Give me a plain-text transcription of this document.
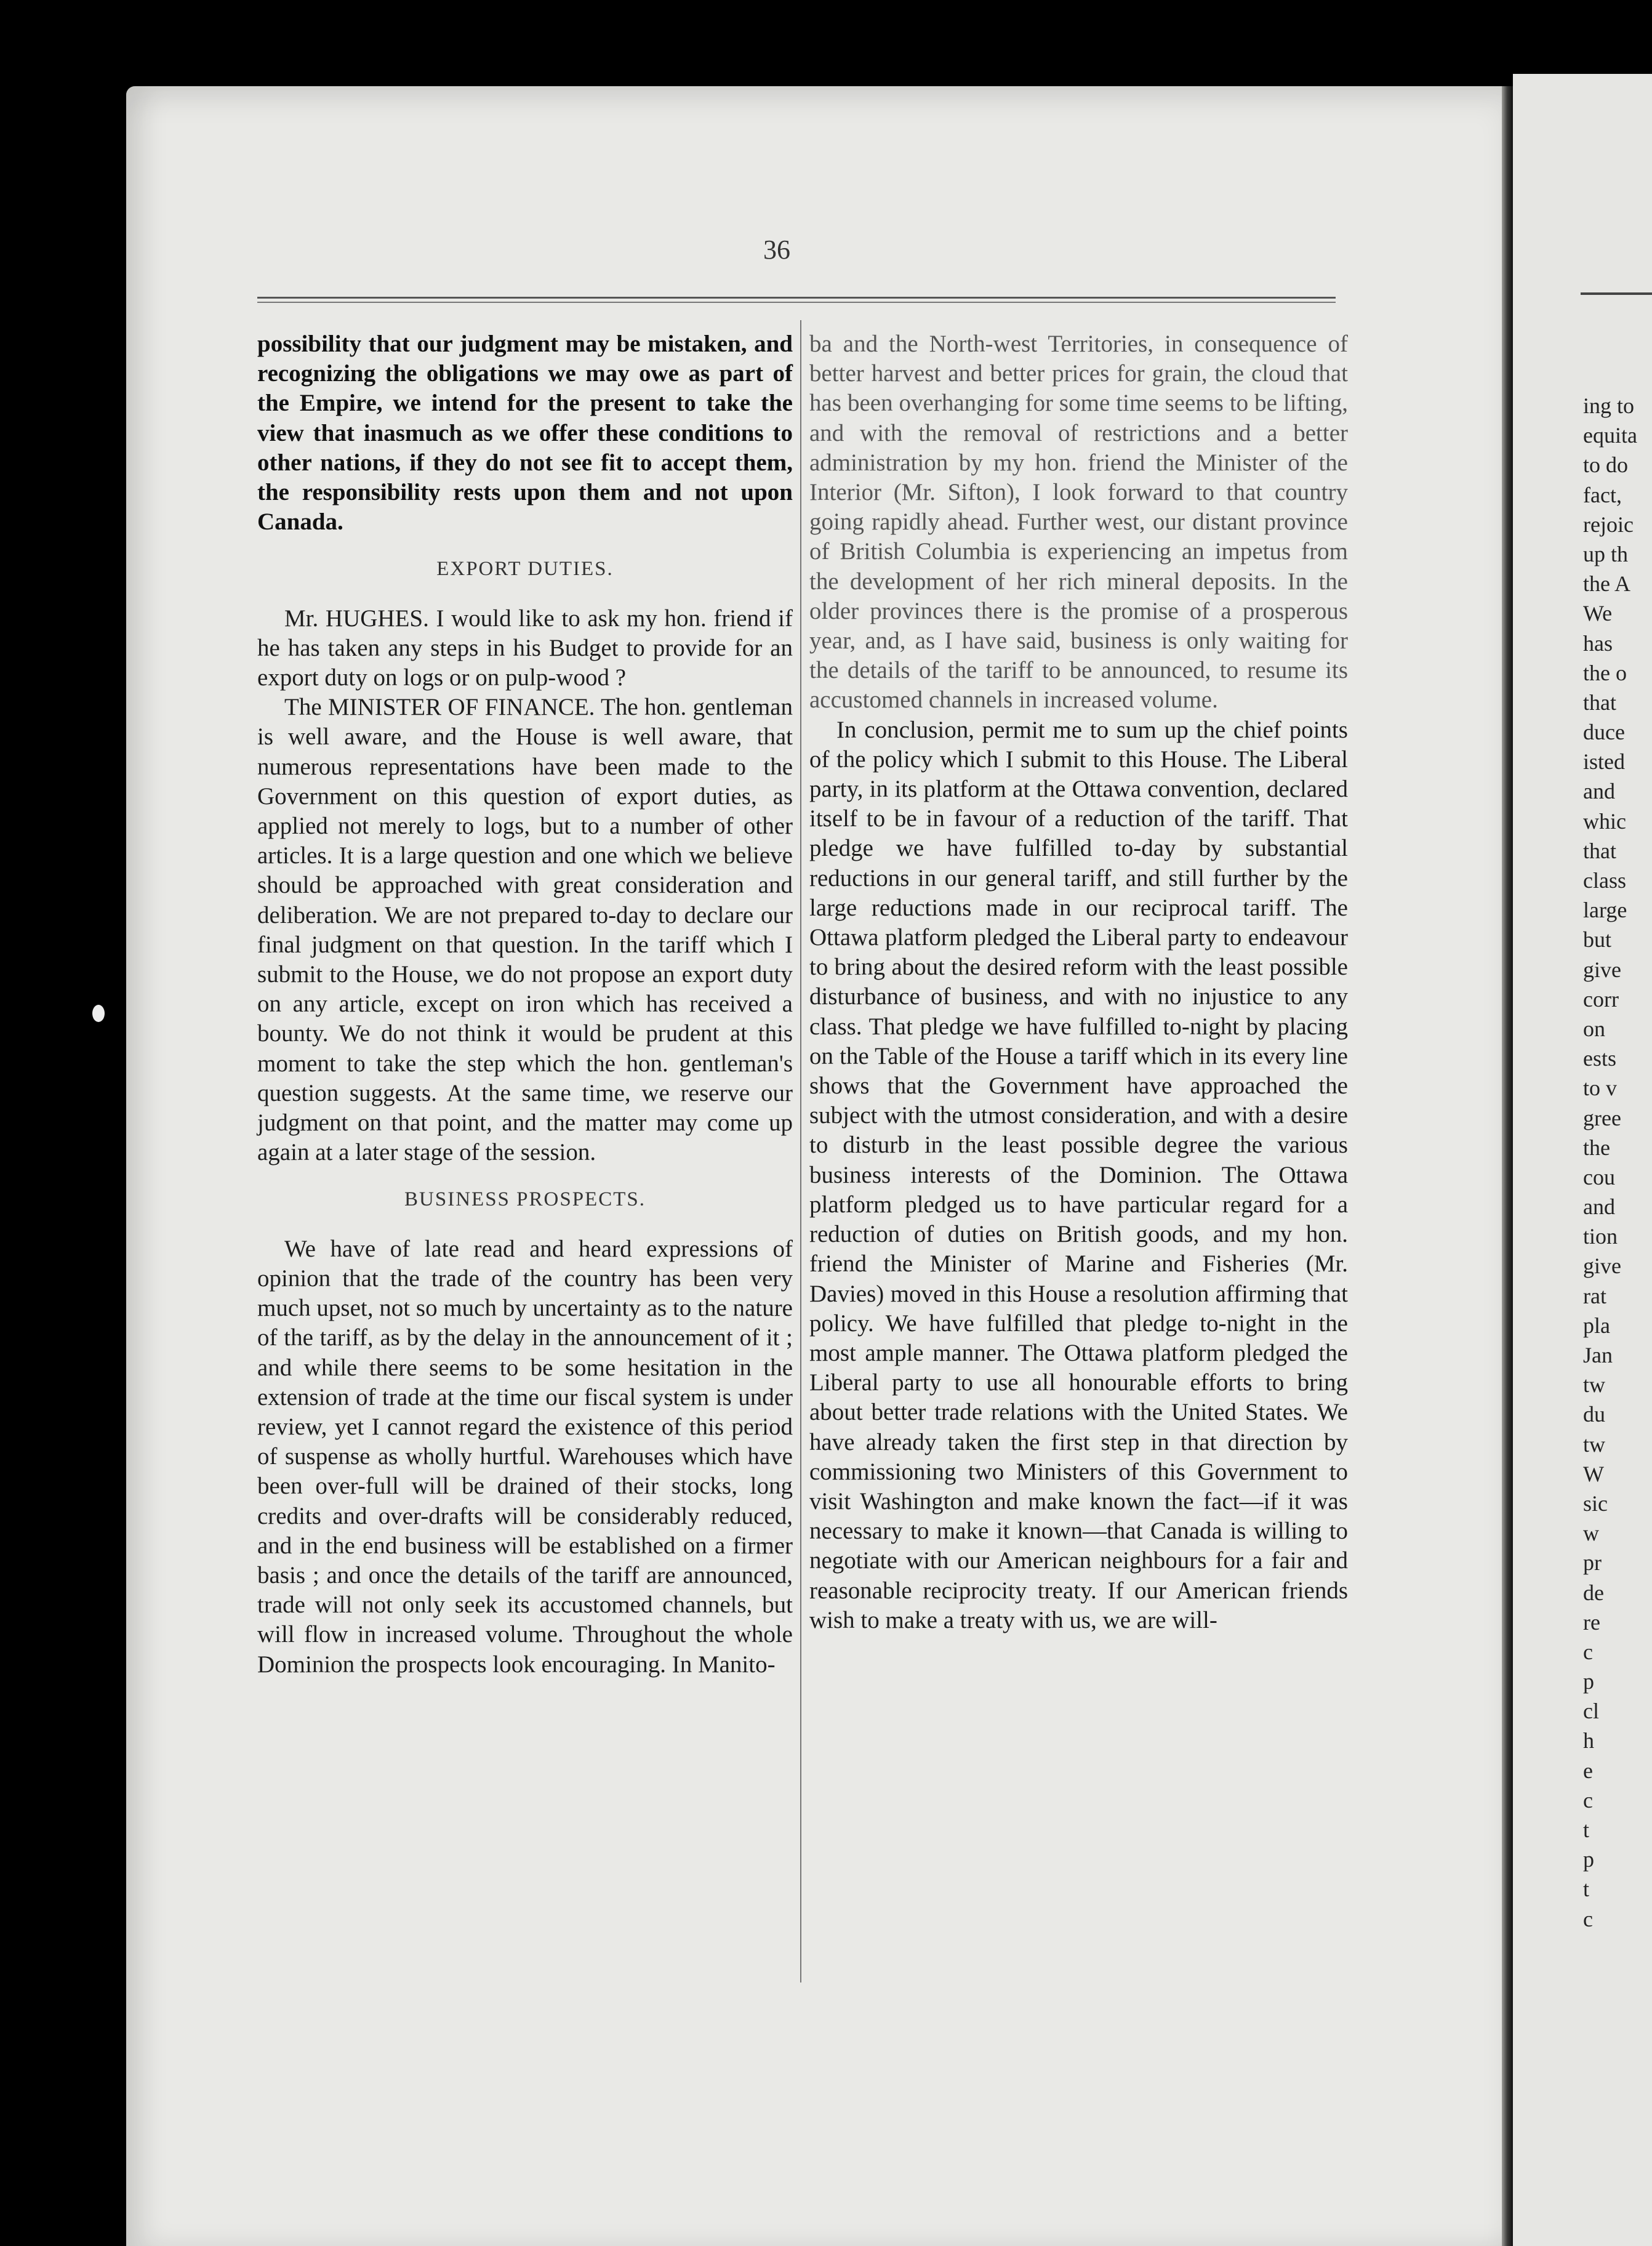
ing to
equita
to do
fact,
rejoic
up th
the A
We
has
the o
that
duce
isted
and
whic
that
class
large
but
give
corr
on
ests
to v
gree
the
cou
and
tion
give
rat
pla
Jan
tw
du
tw
W
sic
w
pr
de
re
c
p
cl
h
e
c
t
p
t
c
36

possibility that our judgment may be mistaken, and recognizing the obligations we may owe as part of the Empire, we intend for the present to take the view that inasmuch as we offer these conditions to other nations, if they do not see fit to accept them, the responsibility rests upon them and not upon Canada.

EXPORT DUTIES.

Mr. HUGHES. I would like to ask my hon. friend if he has taken any steps in his Budget to provide for an export duty on logs or on pulp-wood ?

The MINISTER OF FINANCE. The hon. gentleman is well aware, and the House is well aware, that numerous representations have been made to the Government on this question of export duties, as applied not merely to logs, but to a number of other articles. It is a large question and one which we believe should be approached with great consideration and deliberation. We are not prepared to-day to declare our final judgment on that question. In the tariff which I submit to the House, we do not propose an export duty on any article, except on iron which has received a bounty. We do not think it would be prudent at this moment to take the step which the hon. gentleman's question suggests. At the same time, we reserve our judgment on that point, and the matter may come up again at a later stage of the session.

BUSINESS PROSPECTS.

We have of late read and heard expressions of opinion that the trade of the country has been very much upset, not so much by uncertainty as to the nature of the tariff, as by the delay in the announcement of it ; and while there seems to be some hesitation in the extension of trade at the time our fiscal system is under review, yet I cannot regard the existence of this period of suspense as wholly hurtful. Warehouses which have been over-full will be drained of their stocks, long credits and over-drafts will be considerably reduced, and in the end business will be established on a firmer basis ; and once the details of the tariff are announced, trade will not only seek its accustomed channels, but will flow in increased volume. Throughout the whole Dominion the prospects look encouraging. In Manito-

ba and the North-west Territories, in consequence of better harvest and better prices for grain, the cloud that has been overhanging for some time seems to be lifting, and with the removal of restrictions and a better administration by my hon. friend the Minister of the Interior (Mr. Sifton), I look forward to that country going rapidly ahead. Further west, our distant province of British Columbia is experiencing an impetus from the development of her rich mineral deposits. In the older provinces there is the promise of a prosperous year, and, as I have said, business is only waiting for the details of the tariff to be announced, to resume its accustomed channels in increased volume.

In conclusion, permit me to sum up the chief points of the policy which I submit to this House. The Liberal party, in its platform at the Ottawa convention, declared itself to be in favour of a reduction of the tariff. That pledge we have fulfilled to-day by substantial reductions in our general tariff, and still further by the large reductions made in our reciprocal tariff. The Ottawa platform pledged the Liberal party to endeavour to bring about the desired reform with the least possible disturbance of business, and with no injustice to any class. That pledge we have fulfilled to-night by placing on the Table of the House a tariff which in its every line shows that the Government have approached the subject with the utmost consideration, and with a desire to disturb in the least possible degree the various business interests of the Dominion. The Ottawa platform pledged us to have particular regard for a reduction of duties on British goods, and my hon. friend the Minister of Marine and Fisheries (Mr. Davies) moved in this House a resolution affirming that policy. We have fulfilled that pledge to-night in the most ample manner. The Ottawa platform pledged the Liberal party to use all honourable efforts to bring about better trade relations with the United States. We have already taken the first step in that direction by commissioning two Ministers of this Government to visit Washington and make known the fact—if it was necessary to make it known—that Canada is willing to negotiate with our American neighbours for a fair and reasonable reciprocity treaty. If our American friends wish to make a treaty with us, we are will-
